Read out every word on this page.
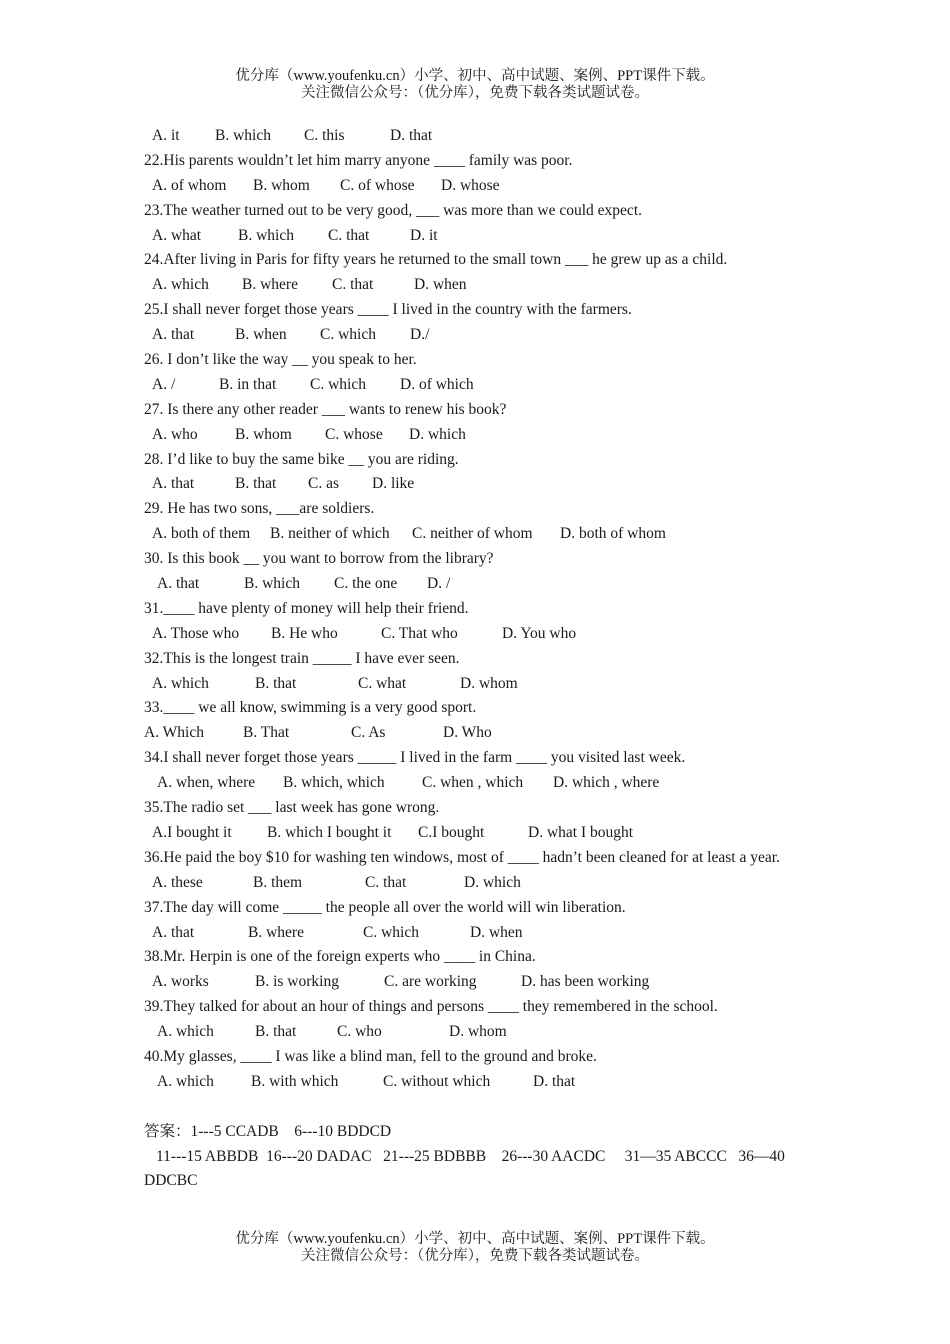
优分库（www.youfenku.cn）小学、初中、高中试题、案例、PPT课件下载。
关注微信公众号：（优分库），免费下载各类试题试卷。
A. it	B. which	C. this	D. that
22.His parents wouldn’t let him marry anyone ____ family was poor.
A. of whom	B. whom	C. of whose	D. whose
23.The weather turned out to be very good, ___ was more than we could expect.
A. what	B. which	C. that	D. it
24.After living in Paris for fifty years he returned to the small town ___ he grew up as a child.
A. which	B. where	C. that	D. when
25.I shall never forget those years ____ I lived in the country with the farmers.
A. that	B. when	C. which	D./
26. I don’t like the way __ you speak to her.
A. /	B. in that	C. which	D. of which
27. Is there any other reader ___ wants to renew his book?
A. who	B. whom	C. whose	D. which
28. I’d like to buy the same bike __ you are riding.
A. that	B. that	C. as	D. like
29. He has two sons, ___are soldiers.
A. both of them	B. neither of which	C. neither of whom	D. both of whom
30. Is this book __ you want to borrow from the library?
A. that	B. which	C. the one	D. /
31.____ have plenty of money will help their friend.
A. Those who	B. He who	C. That who	D. You who
32.This is the longest train _____ I have ever seen.
A. which	B. that	C. what	D. whom
33.____ we all know, swimming is a very good sport.
A. Which	B. That	C. As	D. Who
34.I shall never forget those years _____ I lived in the farm ____ you visited last week.
A. when, where	B. which, which	C. when , which	D. which , where
35.The radio set ___ last week has gone wrong.
A.I bought it	B. which I bought it	C.I bought	D. what I bought
36.He paid the boy $10 for washing ten windows, most of ____ hadn’t been cleaned for at least a year.
A. these	B. them	C. that	D. which
37.The day will come _____ the people all over the world will win liberation.
A. that	B. where	C. which	D. when
38.Mr. Herpin is one of the foreign experts who ____ in China.
A. works	B. is working	C. are working	D. has been working
39.They talked for about an hour of things and persons ____ they remembered in the school.
A. which	B. that	C. who	D. whom
40.My glasses, ____ I was like a blind man, fell to the ground and broke.
A. which	B. with which	C. without which	D. that
答案：1---5 CCADB    6---10 BDDCD
11---15 ABBDB  16---20 DADAC   21---25 BDBBB    26---30 AACDC     31—35 ABCCC   36—40 DDCBC
优分库（www.youfenku.cn）小学、初中、高中试题、案例、PPT课件下载。
关注微信公众号：（优分库），免费下载各类试题试卷。
